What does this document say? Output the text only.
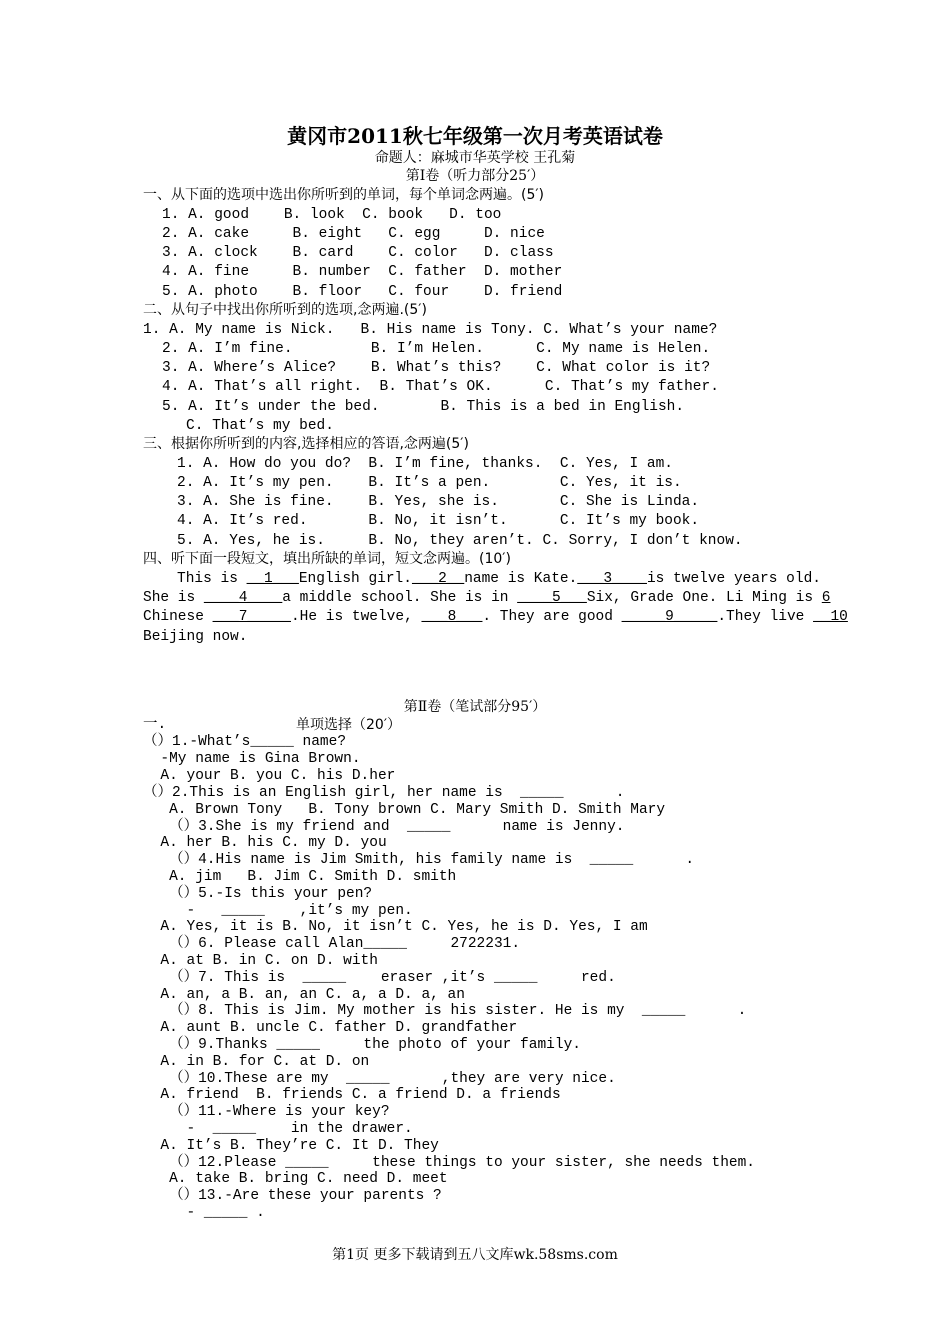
黄冈市2011秋七年级第一次月考英语试卷
命题人：麻城市华英学校 王孔菊
第Ⅰ卷（听力部分25′）
一、从下面的选项中选出你所听到的单词，每个单词念两遍。(5′)
1. A. good    B. look  C. book   D. too
2. A. cake     B. eight   C. egg     D. nice
3. A. clock    B. card    C. color   D. class
4. A. fine     B. number  C. father  D. mother
5. A. photo    B. floor   C. four    D. friend
二、从句子中找出你所听到的选项,念两遍.(5′)
1. A. My name is Nick.   B. His name is Tony. C. What’s your name?
2. A. I’m fine.         B. I’m Helen.      C. My name is Helen.
3. A. Where’s Alice?    B. What’s this?    C. What color is it?
4. A. That’s all right.  B. That’s OK.      C. That’s my father.
5. A. It’s under the bed.       B. This is a bed in English.
C. That’s my bed.
三、根据你所听到的内容,选择相应的答语,念两遍(5′)
1. A. How do you do?  B. I’m fine, thanks.  C. Yes, I am.
2. A. It’s my pen.    B. It’s a pen.        C. Yes, it is.
3. A. She is fine.    B. Yes, she is.       C. She is Linda.
4. A. It’s red.       B. No, it isn’t.      C. It’s my book.
5. A. Yes, he is.     B. No, they aren’t. C. Sorry, I don’t know.
四、听下面一段短文，填出所缺的单词，短文念两遍。(10′)
This is __1___English girl.___2__name is Kate.___3____is twelve years old.
She is ____4____a middle school. She is in ____5___Six, Grade One. Li Ming is 6
Chinese ___7_____.He is twelve, ___8___. They are good _____9_____.They live __10
Beijing now.
第Ⅱ卷（笔试部分95′）
一.	单项选择（20′）
（）1.-What’s_____ name?
-My name is Gina Brown.
A. your B. you C. his D.her
（）2.This is an English girl, her name is  _____      .
A. Brown Tony   B. Tony brown C. Mary Smith D. Smith Mary
（）3.She is my friend and  _____      name is Jenny.
A. her B. his C. my D. you
（）4.His name is Jim Smith, his family name is  _____      .
A. jim   B. Jim C. Smith D. smith
（）5.-Is this your pen?
-   _____    ,it’s my pen.
A. Yes, it is B. No, it isn’t C. Yes, he is D. Yes, I am
（）6. Please call Alan_____     2722231.
A. at B. in C. on D. with
（）7. This is  _____    eraser ,it’s _____     red.
A. an, a B. an, an C. a, a D. a, an
（）8. This is Jim. My mother is his sister. He is my  _____      .
A. aunt B. uncle C. father D. grandfather
（）9.Thanks _____     the photo of your family.
A. in B. for C. at D. on
（）10.These are my  _____      ,they are very nice.
A. friend  B. friends C. a friend D. a friends
（）11.-Where is your key?
-  _____    in the drawer.
A. It’s B. They’re C. It D. They
（）12.Please _____     these things to your sister, she needs them.
A. take B. bring C. need D. meet
（）13.-Are these your parents ?
- _____ .
第1页 更多下载请到五八文库wk.58sms.com
